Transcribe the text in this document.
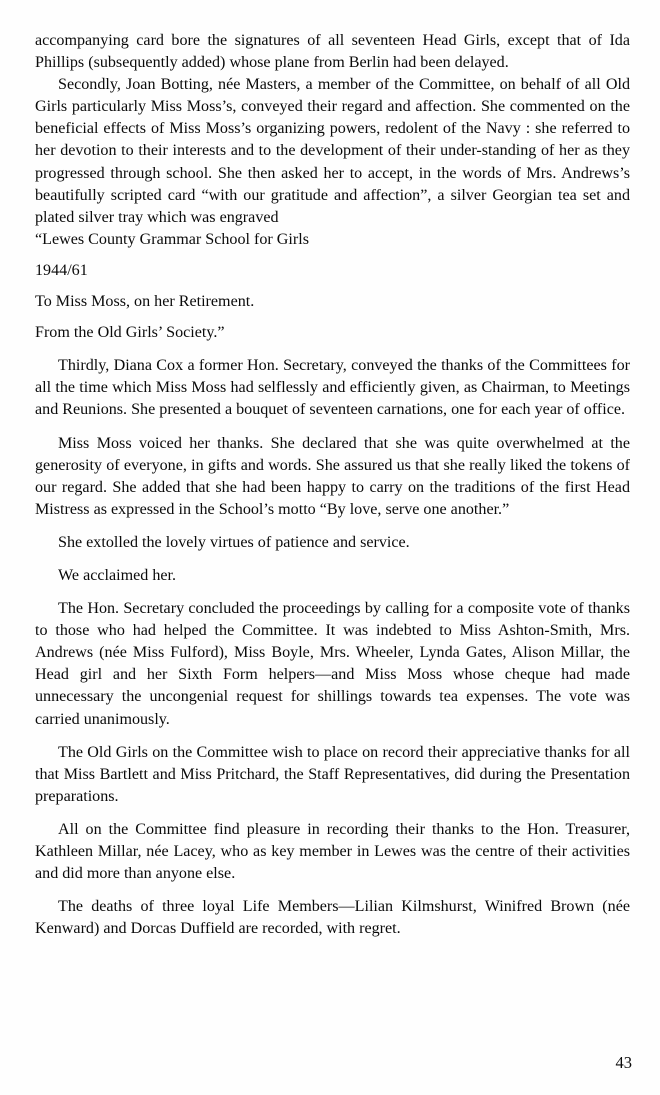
accompanying card bore the signatures of all seventeen Head Girls, except that of Ida Phillips (subsequently added) whose plane from Berlin had been delayed.

Secondly, Joan Botting, née Masters, a member of the Committee, on behalf of all Old Girls particularly Miss Moss’s, conveyed their regard and affection. She commented on the beneficial effects of Miss Moss’s organizing powers, redolent of the Navy : she referred to her devotion to their interests and to the development of their under-standing of her as they progressed through school. She then asked her to accept, in the words of Mrs. Andrews’s beautifully scripted card “with our gratitude and affection”, a silver Georgian tea set and plated silver tray which was engraved

“Lewes County Grammar School for Girls

1944/61

To Miss Moss, on her Retirement.

From the Old Girls’ Society.”

Thirdly, Diana Cox a former Hon. Secretary, conveyed the thanks of the Committees for all the time which Miss Moss had selflessly and efficiently given, as Chairman, to Meetings and Reunions. She presented a bouquet of seventeen carnations, one for each year of office.

Miss Moss voiced her thanks. She declared that she was quite overwhelmed at the generosity of everyone, in gifts and words. She assured us that she really liked the tokens of our regard. She added that she had been happy to carry on the traditions of the first Head Mistress as expressed in the School’s motto “By love, serve one another.”

She extolled the lovely virtues of patience and service.

We acclaimed her.

The Hon. Secretary concluded the proceedings by calling for a composite vote of thanks to those who had helped the Committee. It was indebted to Miss Ashton-Smith, Mrs. Andrews (née Miss Fulford), Miss Boyle, Mrs. Wheeler, Lynda Gates, Alison Millar, the Head girl and her Sixth Form helpers—and Miss Moss whose cheque had made unnecessary the uncongenial request for shillings towards tea expenses. The vote was carried unanimously.

The Old Girls on the Committee wish to place on record their appreciative thanks for all that Miss Bartlett and Miss Pritchard, the Staff Representatives, did during the Presentation preparations.

All on the Committee find pleasure in recording their thanks to the Hon. Treasurer, Kathleen Millar, née Lacey, who as key member in Lewes was the centre of their activities and did more than anyone else.

The deaths of three loyal Life Members—Lilian Kilmshurst, Winifred Brown (née Kenward) and Dorcas Duffield are recorded, with regret.

43
